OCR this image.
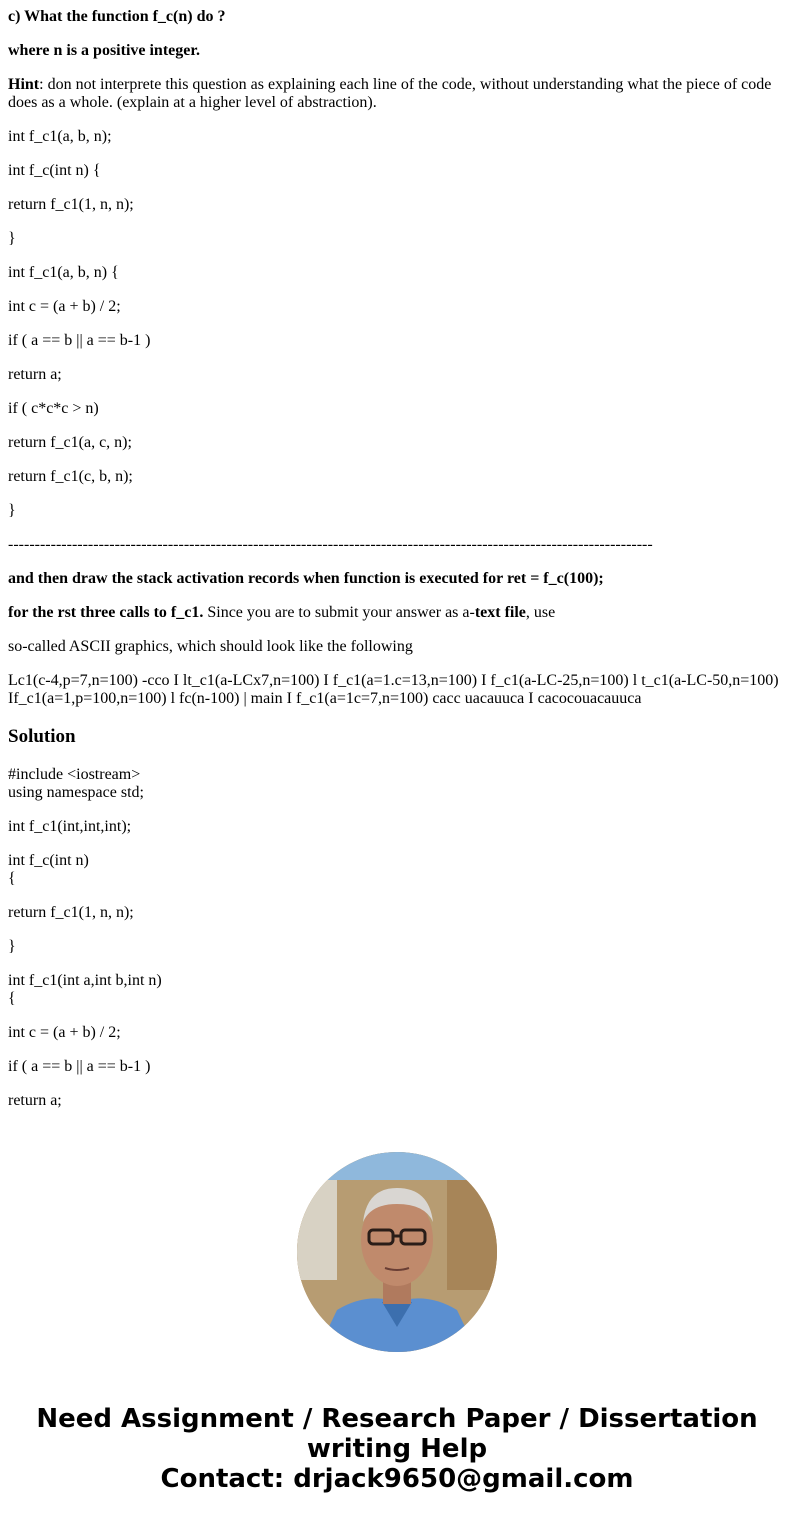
c) What the function f_c(n) do ?

where n is a positive integer.

Hint: don not interprete this question as explaining each line of the code, without understanding what the piece of code does as a whole. (explain at a higher level of abstraction).

int f_c1(a, b, n);

int f_c(int n) {

return f_c1(1, n, n);

}

int f_c1(a, b, n) {

int c = (a + b) / 2;

if ( a == b || a == b-1 )

return a;

if ( c*c*c > n)

return f_c1(a, c, n);

return f_c1(c, b, n);

}

-------------------------------------------------------------------------------------------------------------------------

and then draw the stack activation records when function is executed for ret = f_c(100);

for the rst three calls to f_c1. Since you are to submit your answer as a-text file, use

so-called ASCII graphics, which should look like the following

Lc1(c-4,p=7,n=100) -cco I lt_c1(a-LCx7,n=100) I f_c1(a=1.c=13,n=100) I f_c1(a-LC-25,n=100) l t_c1(a-LC-50,n=100) If_c1(a=1,p=100,n=100) l fc(n-100) | main I f_c1(a=1c=7,n=100) cacc uacauuca I cacocouacauuca

Solution

#include <iostream>
using namespace std;

int f_c1(int,int,int);

int f_c(int n)
{

return f_c1(1, n, n);

}

int f_c1(int a,int b,int n)
{

int c = (a + b) / 2;

if ( a == b || a == b-1 )

return a;

Need Assignment / Research Paper / Dissertation
writing Help
Contact: drjack9650@gmail.com
